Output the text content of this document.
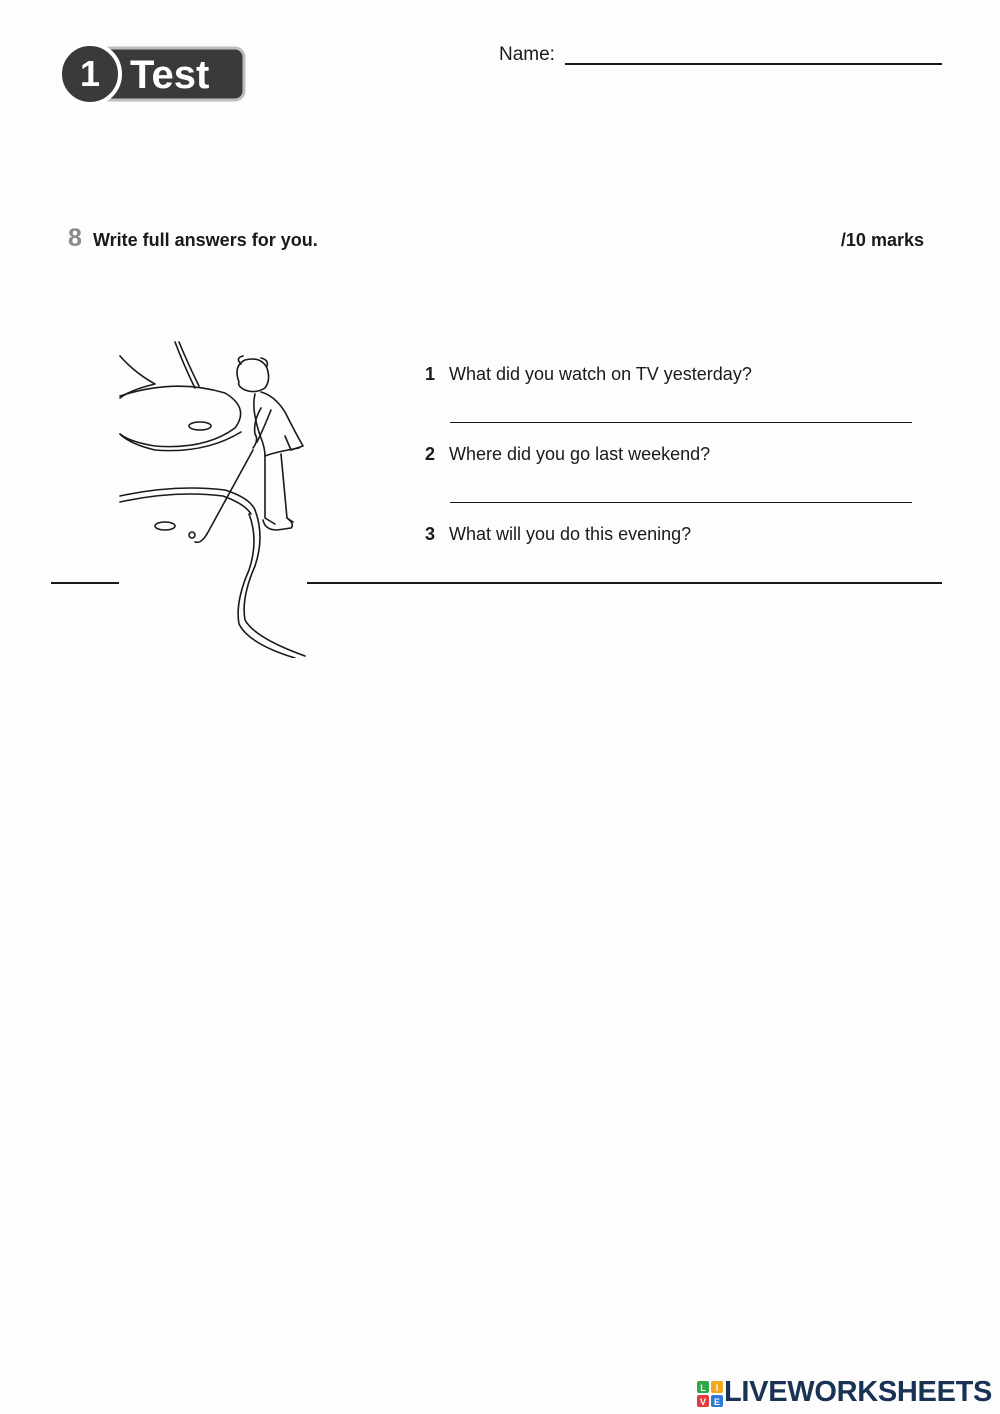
1 Test	Name:
8 Write full answers for you.	/10 marks
1 What did you watch on TV yesterday?
2 Where did you go last weekend?
3 What will you do this evening?
L I
V E LIVEWORKSHEETS
